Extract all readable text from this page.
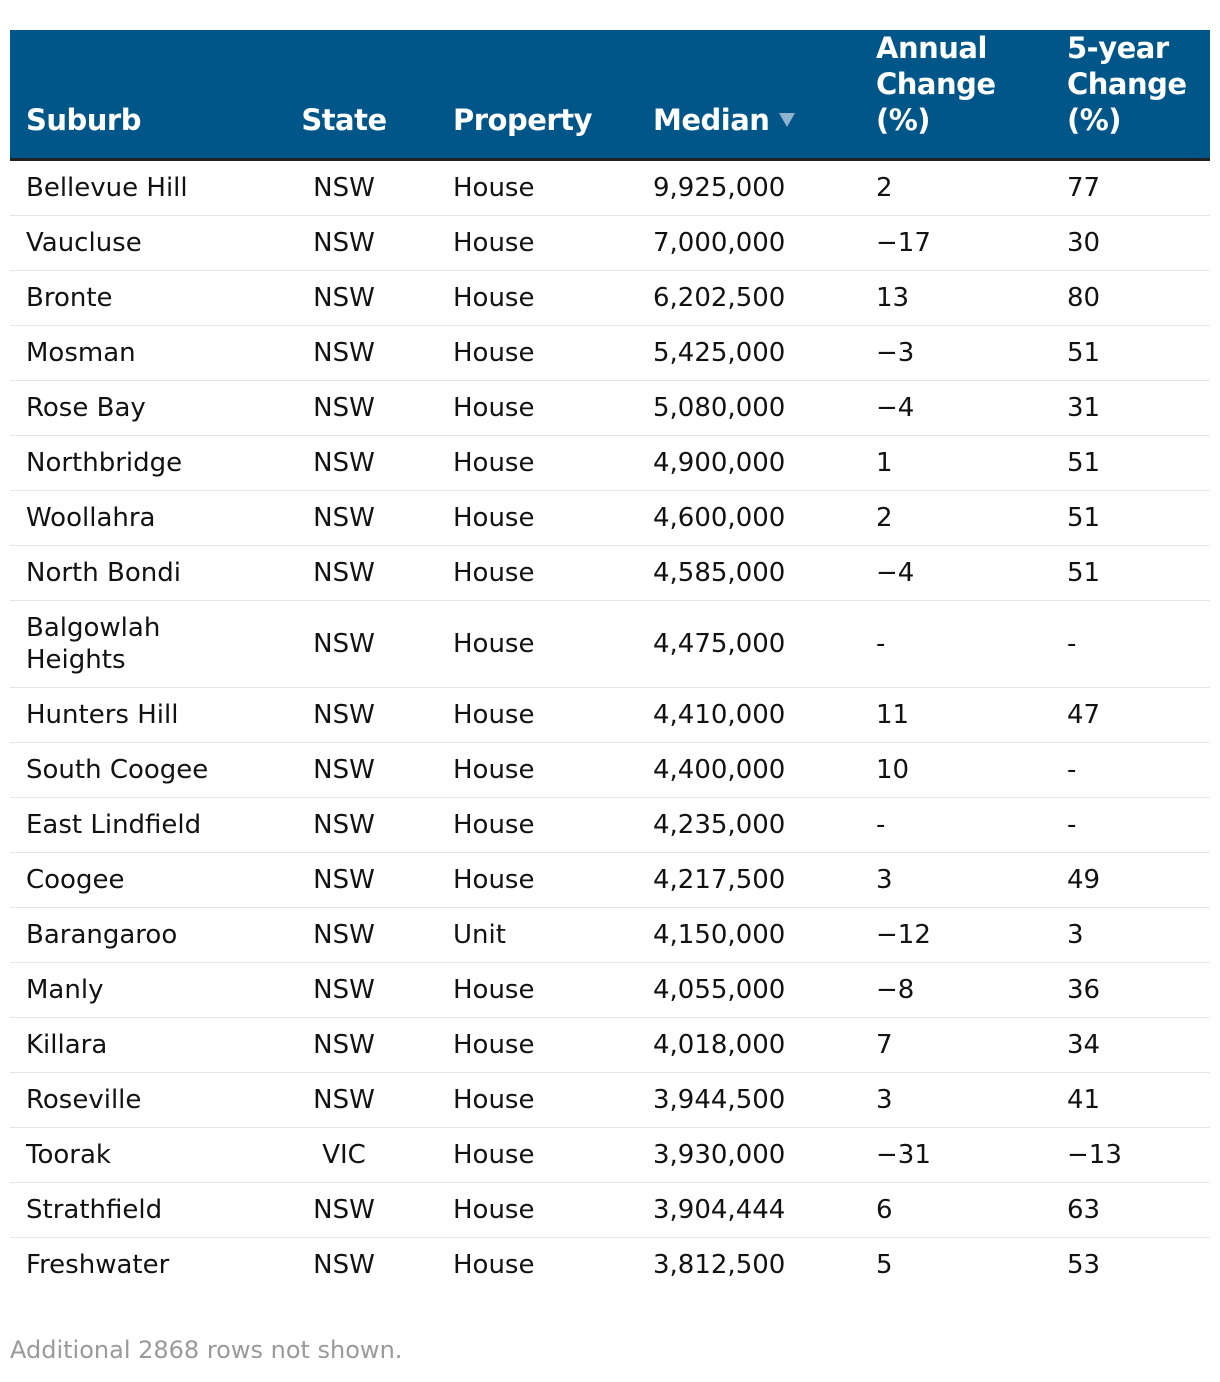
Suburb	State	Property	Median	Annual
Change
(%)	5-year
Change
(%)

Bellevue Hill	NSW	House	9,925,000	2	77
Vaucluse	NSW	House	7,000,000	−17	30
Bronte	NSW	House	6,202,500	13	80
Mosman	NSW	House	5,425,000	−3	51
Rose Bay	NSW	House	5,080,000	−4	31
Northbridge	NSW	House	4,900,000	1	51
Woollahra	NSW	House	4,600,000	2	51
North Bondi	NSW	House	4,585,000	−4	51
Balgowlah Heights	NSW	House	4,475,000	-	-
Hunters Hill	NSW	House	4,410,000	11	47
South Coogee	NSW	House	4,400,000	10	-
East Lindfield	NSW	House	4,235,000	-	-
Coogee	NSW	House	4,217,500	3	49
Barangaroo	NSW	Unit	4,150,000	−12	3
Manly	NSW	House	4,055,000	−8	36
Killara	NSW	House	4,018,000	7	34
Roseville	NSW	House	3,944,500	3	41
Toorak	VIC	House	3,930,000	−31	−13
Strathfield	NSW	House	3,904,444	6	63
Freshwater	NSW	House	3,812,500	5	53
Additional 2868 rows not shown.
